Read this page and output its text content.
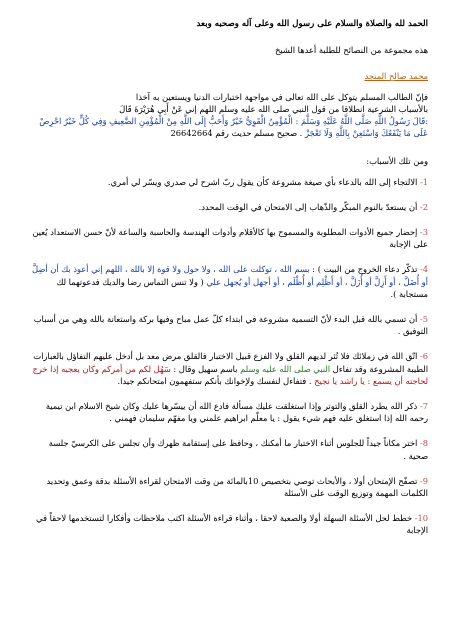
الحمد لله والصلاة والسلام على رسول الله وعلى آله وصحبه وبعد

هذه مجموعة من النصائح للطلبة أعدها الشيخ

محمد صالح المنجد

فإنّ الطالب المسلم يتوكل على الله تعالى في مواجهة اختبارات الدنيا ويستعين به آخذا
بالأسباب الشرعية انطلاقا من قول النبي صلى الله عليه وسلم اللهم إني عَنْ أَبِي هُرَيْرَةَ قَالَ
:قَالَ رَسُولُ اللَّهِ صَلَّى اللَّهُ عَلَيْهِ وَسَلَّمَ : الْمُؤْمِنُ الْقَوِيُّ خَيْرٌ وَأَحَبُّ إِلَى اللَّهِ مِنْ الْمُؤْمِنِ الضَّعِيفِ وَفِي كُلٍّ خَيْرٌ احْرِصْ
عَلَى مَا يَنْفَعُكَ وَاسْتَعِنْ بِاللَّهِ وَلَا تَعْجَزْ . صحيح مسلم حديث رقم 26642664

ومن تلك الأسباب:

1- الالتجاء إلى الله بالدعاء بأي صيغة مشروعة كأن يقول ربّ اشرح لي صدري ويسّر لي أمري.

2- أن يستعدّ بالنوم المبكّر والذّهاب إلى الامتحان في الوقت المحدد.

3- إحضار جميع الأدوات المطلوبة والمسموح بها كالأقلام وأدوات الهندسة والحاسبة والساعة لأنّ حسن الاستعداد يُعين على الإجابة

4- تذكّر دعاء الخروج من البيت ) : بسم الله ، توكلت على الله ، ولا حول ولا قوة إلا بالله ، اللهم إني أعوذ بك أن أضِلَّ أو أُضَلَّ ، أو أَزِلَّ أو أُزَلَّ ، أو أَظْلِم أو أُظْلَم ، أو أجهل أو يُجهل علي ( ولا تنس التماس رضا والديك فدعوتهما لك مستجابة ).

5- أن تسمي بالله قبل البدء لأنّ التسمية مشروعة في ابتداء كلّ عمل مباح وفيها بركة واستعانة بالله وهي من أسباب التوفيق .

6- اتّق الله في زملائك فلا تُثر لديهم القلق ولا الفزع قبيل الاختبار فالقلق مرض معد بل أدخل عليهم التفاؤل بالعبارات الطيبة المشروعة وقد تفاءل النبي صلى الله عليه وسلم باسم سهيل وقال : سَهُل لكم من أمركم وكان يعجبه إذا خرج لحاجته أن يسمع : يا راشد يا نجيح . فتفاءل لنفسك ولإخوانك بأنكم ستفهمون امتحانكم جيدا.

7- ذكر الله يطرد القلق والتوتر وإذا استغلقت عليك مسألة فادع الله أن ييسّرها عليك وكان شيخ الاسلام ابن تيمية رحمه الله إذا استغلق عليه فهم شيء يقول : يا معلّم ابراهيم علمني ويا مفهّم سليمان فهمني .

8- اختر مكاناً جيداً للجلوس أثناء الاختبار ما أمكنك ، وحافظ على إستقامة ظهرك وأن تجلس على الكرسيّ جلسة صحية .

9- تصفّح الإمتحان أولا ، والأبحاث توصي بتخصيص 10بالمائة من وقت الامتحان لقراءة الأسئلة بدقة وعمق وتحديد الكلمات المهمة وتوزيع الوقت على الأسئلة

10- خطط لحل الأسئلة السهلة أولا والصعبة لاحقا ، وأثناء قراءة الأسئلة اكتب ملاحظات وأفكارا لتستخدمها لاحقاً في الإجابة
